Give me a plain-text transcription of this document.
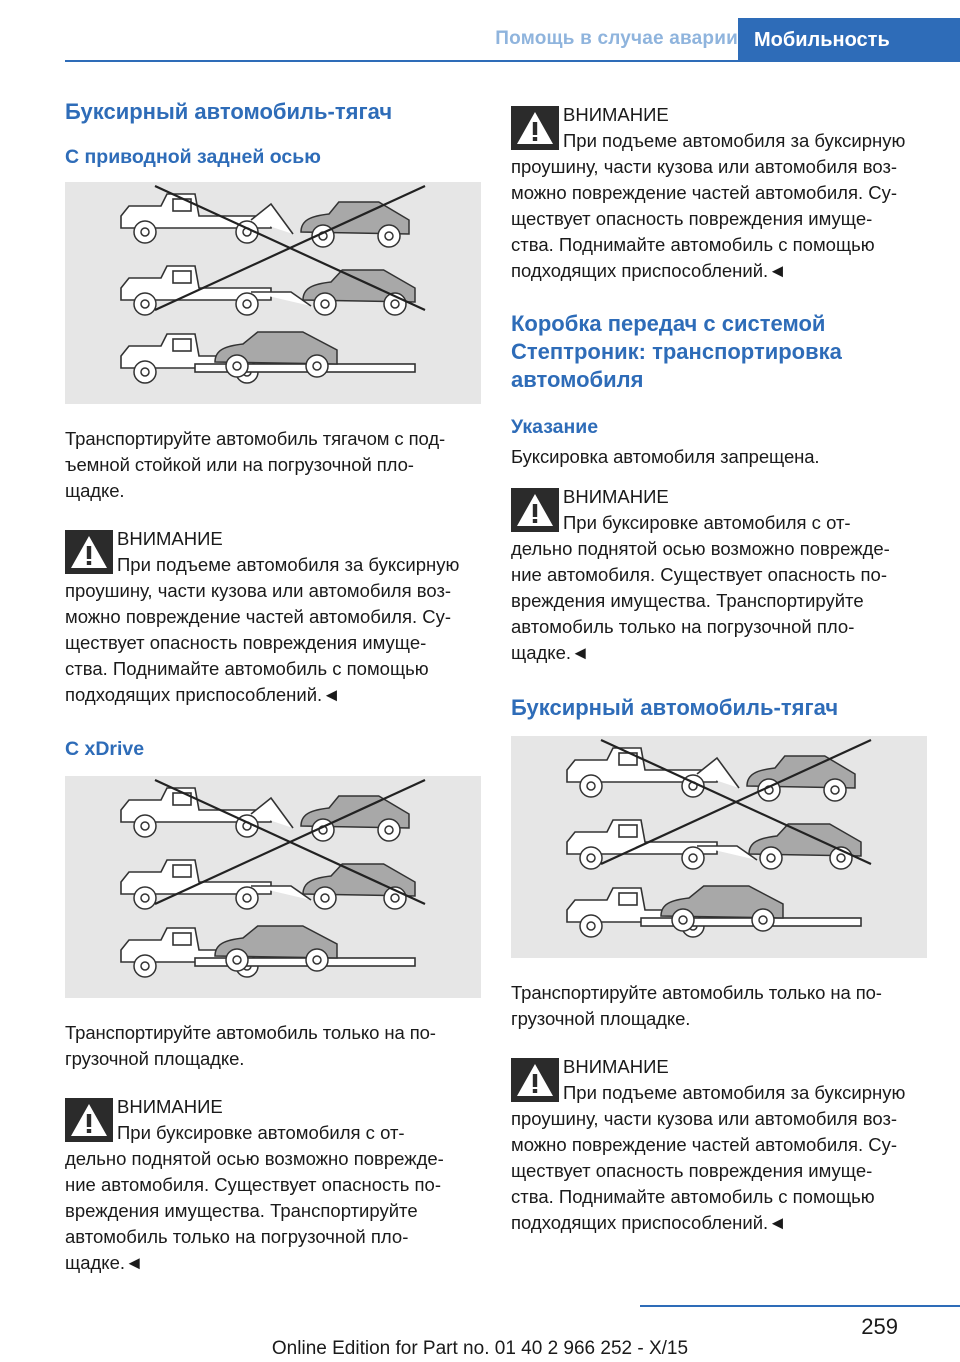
Помощь в случае аварии Мобильность
Буксирный автомобиль-тягач
С приводной задней осью
Транспортируйте автомобиль тягачом с под-
ъемной стойкой или на погрузочной пло-
щадке.
ВНИМАНИЕ
При подъеме автомобиля за буксирную
проушину, части кузова или автомобиля воз-
можно повреждение частей автомобиля. Су-
ществует опасность повреждения имуще-
ства. Поднимайте автомобиль с помощью
подходящих приспособлений.◄
С xDrive
Транспортируйте автомобиль только на по-
грузочной площадке.
ВНИМАНИЕ
При буксировке автомобиля с от-
дельно поднятой осью возможно поврежде-
ние автомобиля. Существует опасность по-
вреждения имущества. Транспортируйте
автомобиль только на погрузочной пло-
щадке.◄
ВНИМАНИЕ
При подъеме автомобиля за буксирную
проушину, части кузова или автомобиля воз-
можно повреждение частей автомобиля. Су-
ществует опасность повреждения имуще-
ства. Поднимайте автомобиль с помощью
подходящих приспособлений.◄
Коробка передач с системой
Стептроник: транспортировка
автомобиля
Указание
Буксировка автомобиля запрещена.
ВНИМАНИЕ
При буксировке автомобиля с от-
дельно поднятой осью возможно поврежде-
ние автомобиля. Существует опасность по-
вреждения имущества. Транспортируйте
автомобиль только на погрузочной пло-
щадке.◄
Буксирный автомобиль-тягач
Транспортируйте автомобиль только на по-
грузочной площадке.
ВНИМАНИЕ
При подъеме автомобиля за буксирную
проушину, части кузова или автомобиля воз-
можно повреждение частей автомобиля. Су-
ществует опасность повреждения имуще-
ства. Поднимайте автомобиль с помощью
подходящих приспособлений.◄
259
Online Edition for Part no. 01 40 2 966 252 - X/15
